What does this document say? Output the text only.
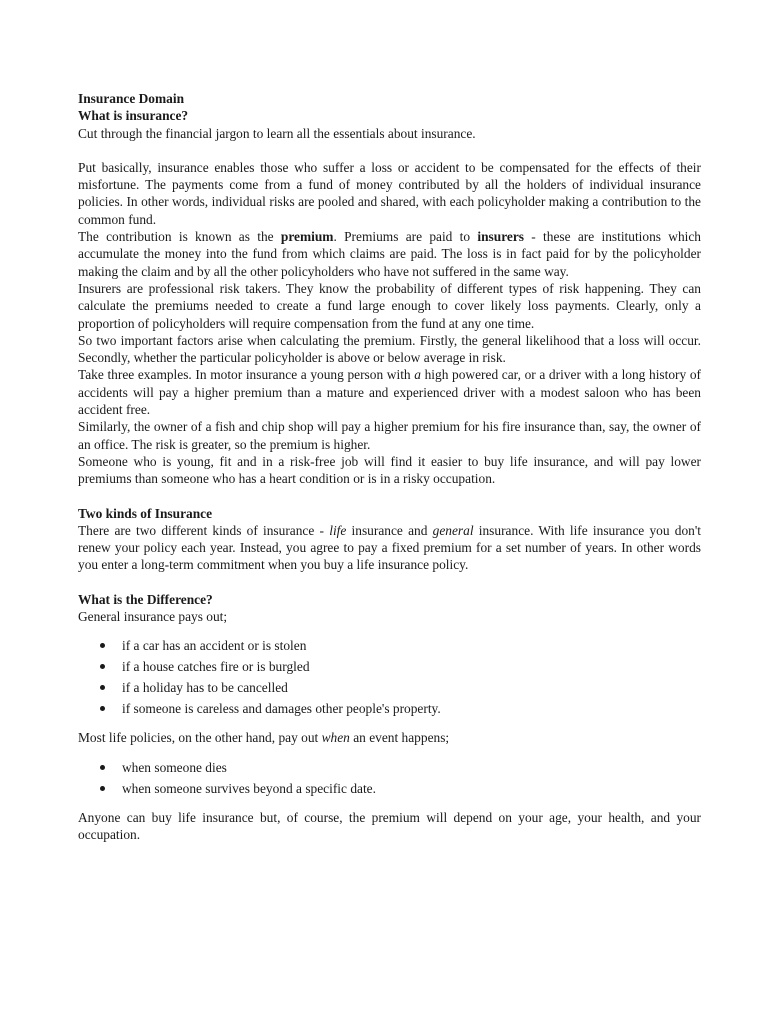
Insurance Domain

What is insurance?

Cut through the financial jargon to learn all the essentials about insurance.

Put basically, insurance enables those who suffer a loss or accident to be compensated for the effects of their misfortune. The payments come from a fund of money contributed by all the holders of individual insurance policies. In other words, individual risks are pooled and shared, with each policyholder making a contribution to the common fund.

The contribution is known as the premium. Premiums are paid to insurers - these are institutions which accumulate the money into the fund from which claims are paid. The loss is in fact paid for by the policyholder making the claim and by all the other policyholders who have not suffered in the same way.

Insurers are professional risk takers. They know the probability of different types of risk happening. They can calculate the premiums needed to create a fund large enough to cover likely loss payments. Clearly, only a proportion of policyholders will require compensation from the fund at any one time.

So two important factors arise when calculating the premium. Firstly, the general likelihood that a loss will occur. Secondly, whether the particular policyholder is above or below average in risk.

Take three examples. In motor insurance a young person with a high powered car, or a driver with a long history of accidents will pay a higher premium than a mature and experienced driver with a modest saloon who has been accident free.

Similarly, the owner of a fish and chip shop will pay a higher premium for his fire insurance than, say, the owner of an office. The risk is greater, so the premium is higher.

Someone who is young, fit and in a risk-free job will find it easier to buy life insurance, and will pay lower premiums than someone who has a heart condition or is in a risky occupation.

Two kinds of Insurance

There are two different kinds of insurance - life insurance and general insurance. With life insurance you don't renew your policy each year. Instead, you agree to pay a fixed premium for a set number of years. In other words you enter a long-term commitment when you buy a life insurance policy.

What is the Difference?

General insurance pays out;

if a car has an accident or is stolen
if a house catches fire or is burgled
if a holiday has to be cancelled
if someone is careless and damages other people's property.

Most life policies, on the other hand, pay out when an event happens;

when someone dies
when someone survives beyond a specific date.

Anyone can buy life insurance but, of course, the premium will depend on your age, your health, and your occupation.
